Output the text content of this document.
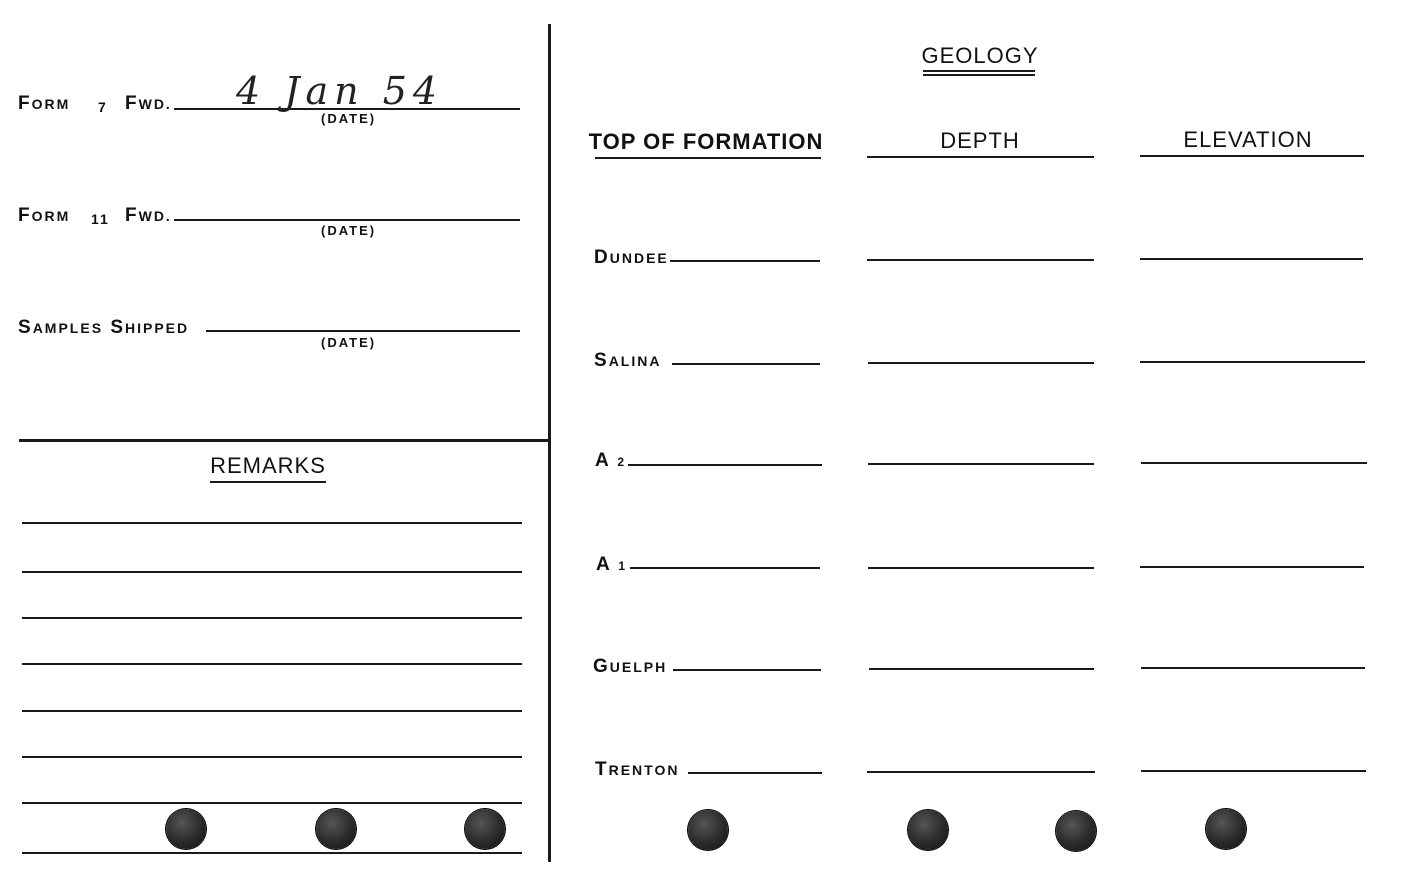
FORM 7 FWD. 4 Jan 54
(DATE)
FORM 11 FWD.
(DATE)
SAMPLES SHIPPED
(DATE)
REMARKS
GEOLOGY
TOP OF FORMATION	DEPTH	ELEVATION
DUNDEE
SALINA
A 2
A 1
GUELPH
TRENTON
